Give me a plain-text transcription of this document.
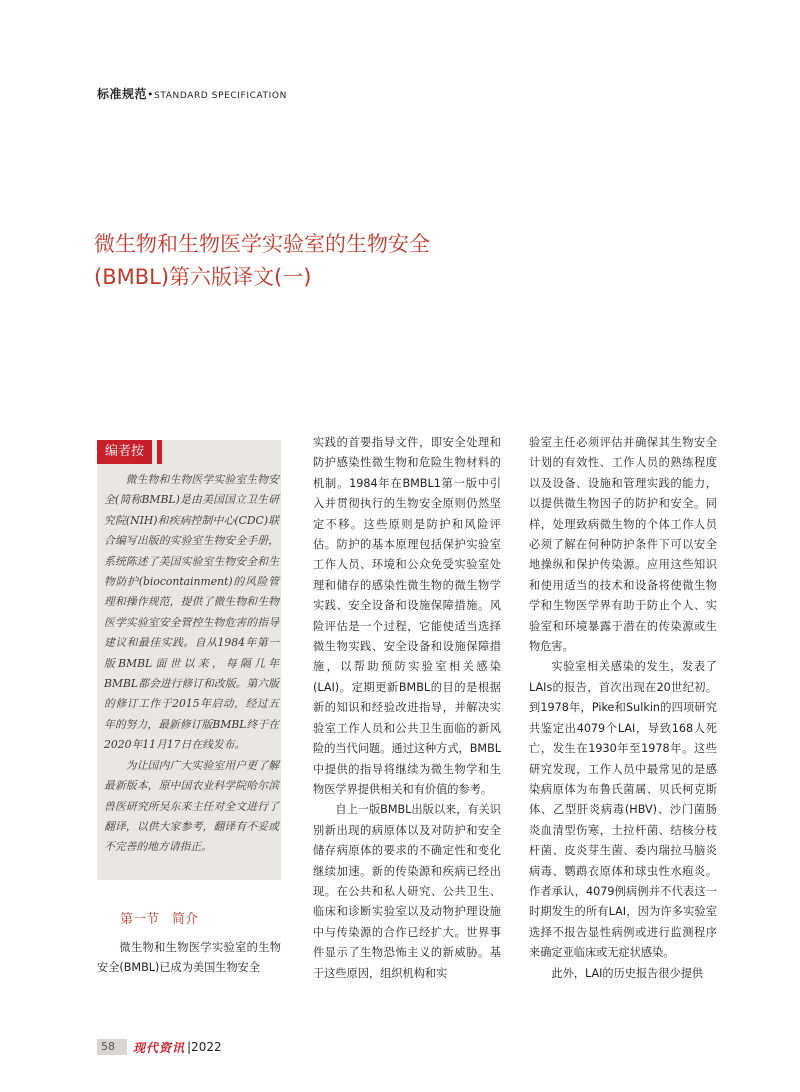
标准规范•STANDARD SPECIFICATION
微生物和生物医学实验室的生物安全
(BMBL)第六版译文(一)
编者按

微生物和生物医学实验室生物安全(简称BMBL)是由美国国立卫生研究院(NIH)和疾病控制中心(CDC)联合编写出版的实验室生物安全手册，系统陈述了美国实验室生物安全和生物防护(biocontainment)的风险管理和操作规范，提供了微生物和生物医学实验室安全管控生物危害的指导建议和最佳实践。自从1984年第一版BMBL面世以来，每隔几年BMBL都会进行修订和改版。第六版的修订工作于2015年启动，经过五年的努力，最新修订版BMBL终于在2020年11月17日在线发布。

为让国内广大实验室用户更了解最新版本，原中国农业科学院哈尔滨兽医研究所吴东来主任对全文进行了翻译，以供大家参考，翻译有不妥或不完善的地方请指正。

第一节　简介

微生物和生物医学实验室的生物安全(BMBL)已成为美国生物安全

实践的首要指导文件，即安全处理和防护感染性微生物和危险生物材料的机制。1984年在BMBL1第一版中引入并贯彻执行的生物安全原则仍然坚定不移。这些原则是防护和风险评估。防护的基本原理包括保护实验室工作人员、环境和公众免受实验室处理和储存的感染性微生物的微生物学实践、安全设备和设施保障措施。风险评估是一个过程，它能使适当选择微生物实践、安全设备和设施保障措施，以帮助预防实验室相关感染(LAI)。定期更新BMBL的目的是根据新的知识和经验改进指导，并解决实验室工作人员和公共卫生面临的新风险的当代问题。通过这种方式，BMBL中提供的指导将继续为微生物学和生物医学界提供相关和有价值的参考。

自上一版BMBL出版以来，有关识别新出现的病原体以及对防护和安全储存病原体的要求的不确定性和变化继续加速。新的传染源和疾病已经出现。在公共和私人研究、公共卫生、临床和诊断实验室以及动物护理设施中与传染源的合作已经扩大。世界事件显示了生物恐怖主义的新威胁。基于这些原因，组织机构和实

验室主任必须评估并确保其生物安全计划的有效性、工作人员的熟练程度以及设备、设施和管理实践的能力，以提供微生物因子的防护和安全。同样，处理致病微生物的个体工作人员必须了解在何种防护条件下可以安全地操纵和保护传染源。应用这些知识和使用适当的技术和设备将使微生物学和生物医学界有助于防止个人、实验室和环境暴露于潜在的传染源或生物危害。

实验室相关感染的发生，发表了LAIs的报告，首次出现在20世纪初。到1978年，Pike和Sulkin的四项研究共鉴定出4079个LAI，导致168人死亡，发生在1930年至1978年。这些研究发现，工作人员中最常见的是感染病原体为布鲁氏菌属、贝氏柯克斯体、乙型肝炎病毒(HBV)、沙门菌肠炎血清型伤寒，土拉杆菌、结核分枝杆菌、皮炎芽生菌、委内瑞拉马脑炎病毒、鹦鹉衣原体和球虫性水疱炎。作者承认，4079例病例并不代表这一时期发生的所有LAI，因为许多实验室选择不报告显性病例或进行监测程序来确定亚临床或无症状感染。

此外，LAI的历史报告很少提供

58	现代资讯 |2022
